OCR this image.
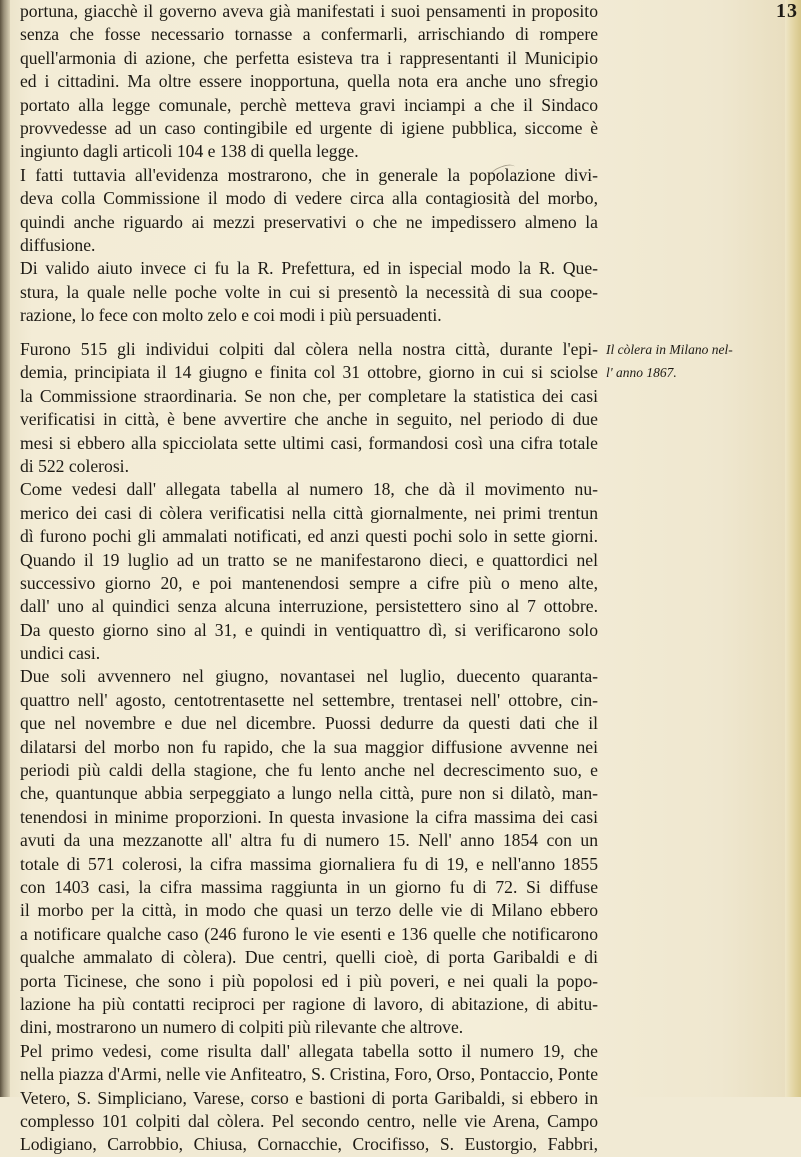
13
portuna, giacchè il governo aveva già manifestati i suoi pensamenti in proposito
senza che fosse necessario tornasse a confermarli, arrischiando di rompere
quell'armonia di azione, che perfetta esisteva tra i rappresentanti il Municipio
ed i cittadini. Ma oltre essere inopportuna, quella nota era anche uno sfregio
portato alla legge comunale, perchè metteva gravi inciampi a che il Sindaco
provvedesse ad un caso contingibile ed urgente di igiene pubblica, siccome è
ingiunto dagli articoli 104 e 138 di quella legge.
I fatti tuttavia all'evidenza mostrarono, che in generale la popolazione divi-
deva colla Commissione il modo di vedere circa alla contagiosità del morbo,
quindi anche riguardo ai mezzi preservativi o che ne impedissero almeno la
diffusione.
Di valido aiuto invece ci fu la R. Prefettura, ed in ispecial modo la R. Que-
stura, la quale nelle poche volte in cui si presentò la necessità di sua coope-
razione, lo fece con molto zelo e coi modi i più persuadenti.
Furono 515 gli individui colpiti dal còlera nella nostra città, durante l'epi-
demia, principiata il 14 giugno e finita col 31 ottobre, giorno in cui si sciolse
la Commissione straordinaria. Se non che, per completare la statistica dei casi
verificatisi in città, è bene avvertire che anche in seguito, nel periodo di due
mesi si ebbero alla spicciolata sette ultimi casi, formandosi così una cifra totale
di 522 colerosi.
Come vedesi dall' allegata tabella al numero 18, che dà il movimento nu-
merico dei casi di còlera verificatisi nella città giornalmente, nei primi trentun
dì furono pochi gli ammalati notificati, ed anzi questi pochi solo in sette giorni.
Quando il 19 luglio ad un tratto se ne manifestarono dieci, e quattordici nel
successivo giorno 20, e poi mantenendosi sempre a cifre più o meno alte,
dall' uno al quindici senza alcuna interruzione, persistettero sino al 7 ottobre.
Da questo giorno sino al 31, e quindi in ventiquattro dì, si verificarono solo
undici casi.
Due soli avvennero nel giugno, novantasei nel luglio, duecento quaranta-
quattro nell' agosto, centotrentasette nel settembre, trentasei nell' ottobre, cin-
que nel novembre e due nel dicembre. Puossi dedurre da questi dati che il
dilatarsi del morbo non fu rapido, che la sua maggior diffusione avvenne nei
periodi più caldi della stagione, che fu lento anche nel decrescimento suo, e
che, quantunque abbia serpeggiato a lungo nella città, pure non si dilatò, man-
tenendosi in minime proporzioni. In questa invasione la cifra massima dei casi
avuti da una mezzanotte all' altra fu di numero 15. Nell' anno 1854 con un
totale di 571 colerosi, la cifra massima giornaliera fu di 19, e nell'anno 1855
con 1403 casi, la cifra massima raggiunta in un giorno fu di 72. Si diffuse
il morbo per la città, in modo che quasi un terzo delle vie di Milano ebbero
a notificare qualche caso (246 furono le vie esenti e 136 quelle che notificarono
qualche ammalato di còlera). Due centri, quelli cioè, di porta Garibaldi e di
porta Ticinese, che sono i più popolosi ed i più poveri, e nei quali la popo-
lazione ha più contatti reciproci per ragione di lavoro, di abitazione, di abitu-
dini, mostrarono un numero di colpiti più rilevante che altrove.
Pel primo vedesi, come risulta dall' allegata tabella sotto il numero 19, che
nella piazza d'Armi, nelle vie Anfiteatro, S. Cristina, Foro, Orso, Pontaccio, Ponte
Vetero, S. Simpliciano, Varese, corso e bastioni di porta Garibaldi, si ebbero in
complesso 101 colpiti dal còlera. Pel secondo centro, nelle vie Arena, Campo
Lodigiano, Carrobbio, Chiusa, Cornacchie, Crocifisso, S. Eustorgio, Fabbri,
Il còlera in Milano nel-
l' anno 1867.
